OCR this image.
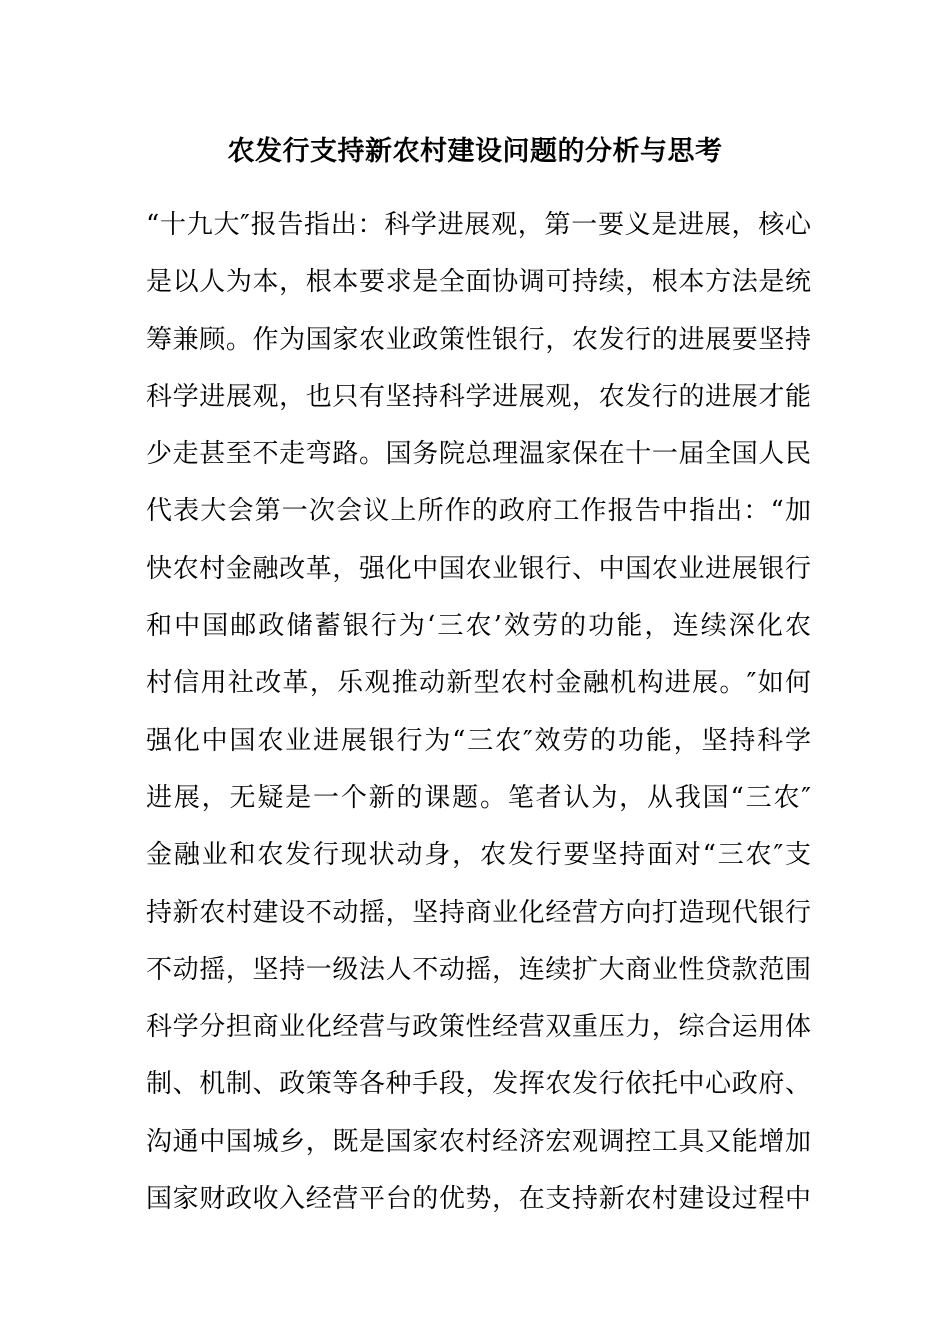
农发行支持新农村建设问题的分析与思考
“十九大″报告指出：科学进展观，第一要义是进展，核心
是以人为本，根本要求是全面协调可持续，根本方法是统
筹兼顾。作为国家农业政策性银行，农发行的进展要坚持
科学进展观，也只有坚持科学进展观，农发行的进展才能
少走甚至不走弯路。国务院总理温家保在十一届全国人民
代表大会第一次会议上所作的政府工作报告中指出：“加
快农村金融改革，强化中国农业银行、中国农业进展银行
和中国邮政储蓄银行为‘三农’效劳的功能，连续深化农
村信用社改革，乐观推动新型农村金融机构进展。″如何
强化中国农业进展银行为“三农″效劳的功能，坚持科学
进展，无疑是一个新的课题。笔者认为，从我国“三农″
金融业和农发行现状动身，农发行要坚持面对“三农″支
持新农村建设不动摇，坚持商业化经营方向打造现代银行
不动摇，坚持一级法人不动摇，连续扩大商业性贷款范围
科学分担商业化经营与政策性经营双重压力，综合运用体
制、机制、政策等各种手段，发挥农发行依托中心政府、
沟通中国城乡，既是国家农村经济宏观调控工具又能增加
国家财政收入经营平台的优势，在支持新农村建设过程中
